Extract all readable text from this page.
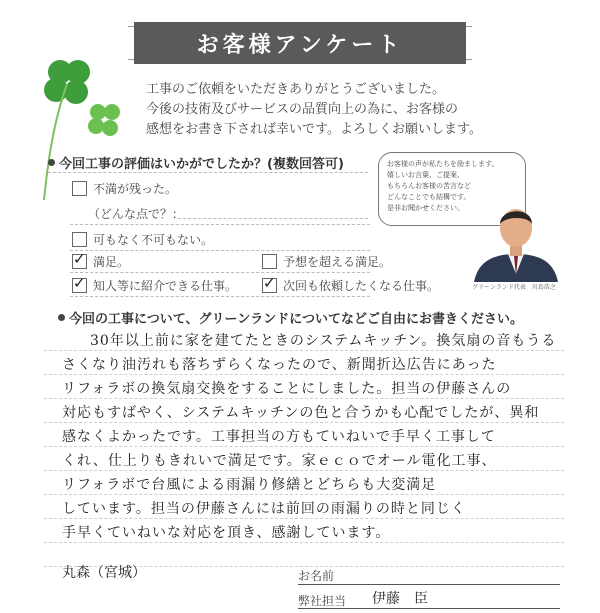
お客様アンケート
工事のご依頼をいただきありがとうございました。
今後の技術及びサービスの品質向上の為に、お客様の
感想をお書き下されば幸いです。よろしくお願いします。
今回工事の評価はいかがでしたか？(複数回答可)
不満が残った。
（どんな点で？：
可もなく不可もない。
✓
満足。	予想を超える満足。
✓
知人等に紹介できる仕事。
✓	次回も依頼したくなる仕事。
お客様の声が私たちを励まします。
嬉しいお言葉、ご提案、
もちろんお客様の苦言など
どんなことでも結構です。
是非お聞かせください。
グリーンランド代表　川島浩之
今回の工事について、グリーンランドについてなどご自由にお書きください。
30年以上前に家を建てたときのシステムキッチン。換気扇の音もうる
さくなり油汚れも落ちずらくなったので、新聞折込広告にあった
リフォラボの換気扇交換をすることにしました。担当の伊藤さんの
対応もすばやく、システムキッチンの色と合うかも心配でしたが、異和
感なくよかったです。工事担当の方もていねいで手早く工事して
くれ、仕上りもきれいで満足です。家ｅｃｏでオール電化工事、
リフォラボで台風による雨漏り修繕とどちらも大変満足
しています。担当の伊藤さんには前回の雨漏りの時と同じく
手早くていねいな対応を頂き、感謝しています。
丸森（宮城）	お名前
弊社担当 伊藤　臣
